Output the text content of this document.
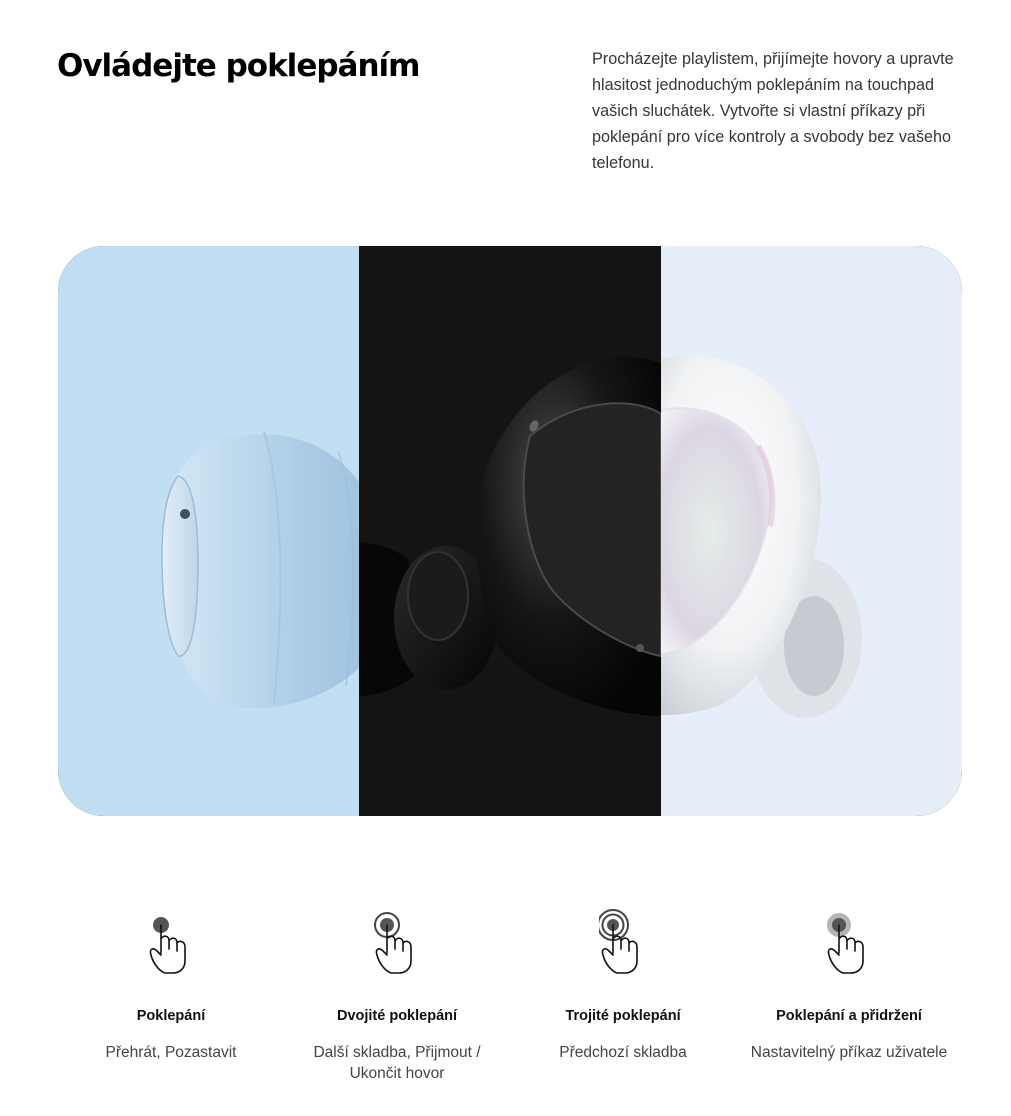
Ovládejte poklepáním	Procházejte playlistem, přijímejte hovory a upravte hlasitost jednoduchým poklepáním na touchpad vašich sluchátek. Vytvořte si vlastní příkazy při poklepání pro více kontroly a svobody bez vašeho telefonu.

Poklepání
Přehrát, Pozastavit
Dvojité poklepání
Další skladba, Přijmout / Ukončit hovor
Trojité poklepání
Předchozí skladba
Poklepání a přidržení
Nastavitelný příkaz uživatele
